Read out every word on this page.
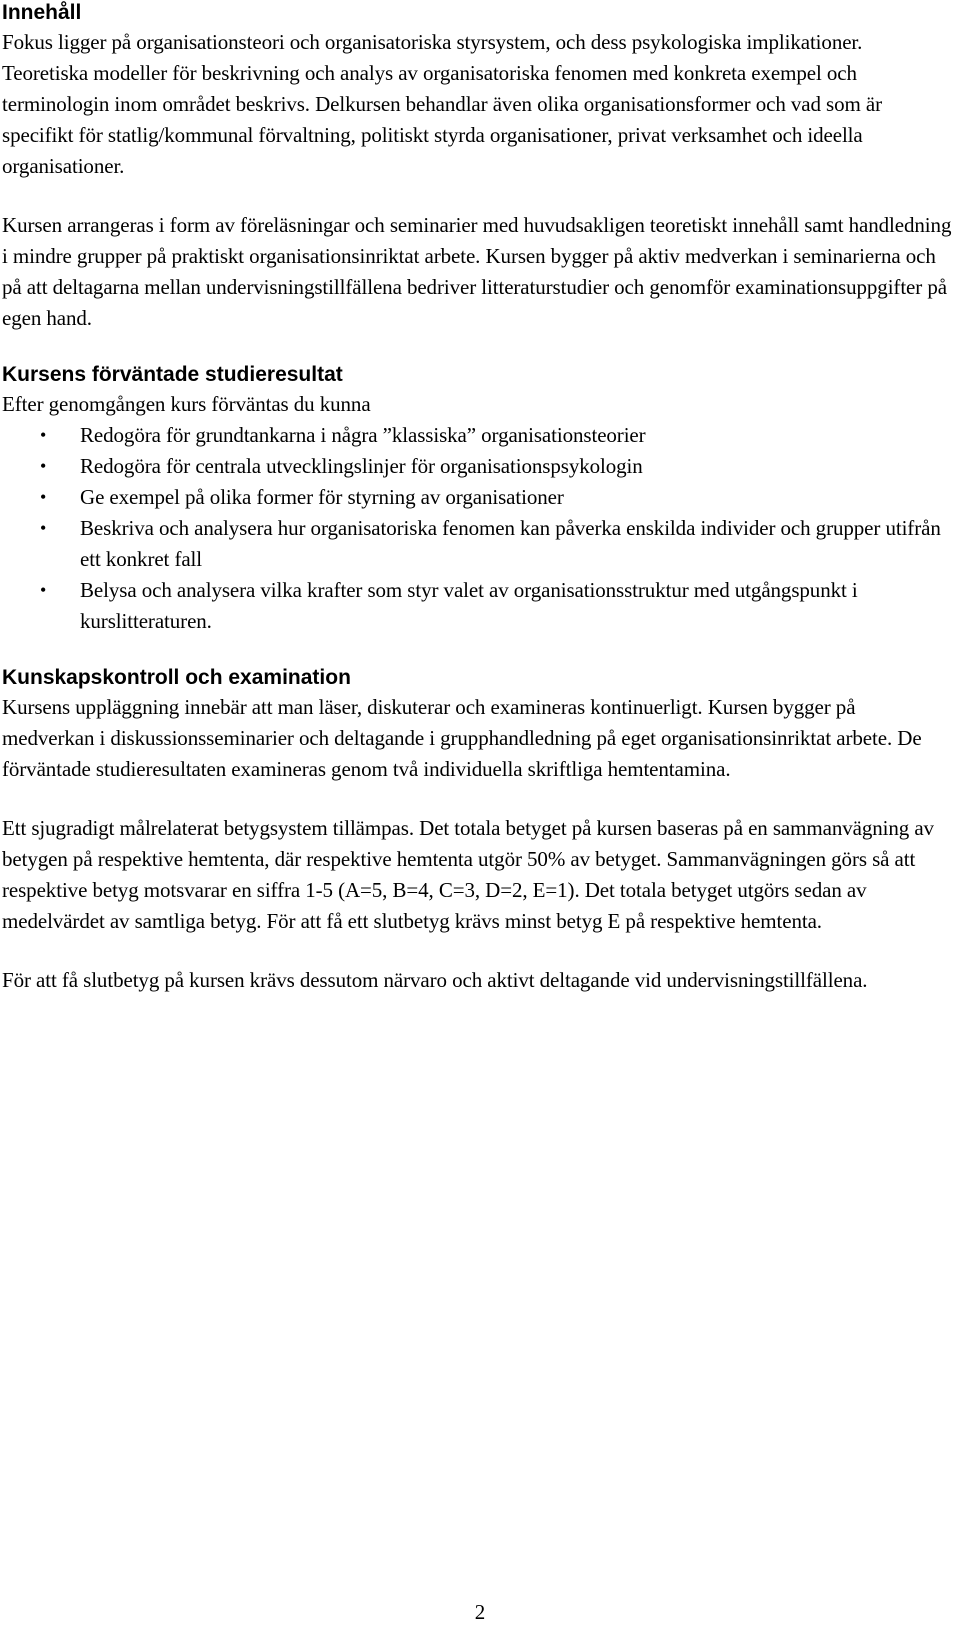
Innehåll

Fokus ligger på organisationsteori och organisatoriska styrsystem, och dess psykologiska implikationer. Teoretiska modeller för beskrivning och analys av organisatoriska fenomen med konkreta exempel och terminologin inom området beskrivs. Delkursen behandlar även olika organisationsformer och vad som är specifikt för statlig/kommunal förvaltning, politiskt styrda organisationer, privat verksamhet och ideella organisationer.

Kursen arrangeras i form av föreläsningar och seminarier med huvudsakligen teoretiskt innehåll samt handledning i mindre grupper på praktiskt organisationsinriktat arbete. Kursen bygger på aktiv medverkan i seminarierna och på att deltagarna mellan undervisningstillfällena bedriver litteraturstudier och genomför examinationsuppgifter på egen hand.

Kursens förväntade studieresultat

Efter genomgången kurs förväntas du kunna

• Redogöra för grundtankarna i några ”klassiska” organisationsteorier
• Redogöra för centrala utvecklingslinjer för organisationspsykologin
• Ge exempel på olika former för styrning av organisationer
• Beskriva och analysera hur organisatoriska fenomen kan påverka enskilda individer och grupper utifrån ett konkret fall
• Belysa och analysera vilka krafter som styr valet av organisationsstruktur med utgångspunkt i kurslitteraturen.
Kunskapskontroll och examination

Kursens uppläggning innebär att man läser, diskuterar och examineras kontinuerligt. Kursen bygger på medverkan i diskussionsseminarier och deltagande i grupphandledning på eget organisationsinriktat arbete. De förväntade studieresultaten examineras genom två individuella skriftliga hemtentamina.

Ett sjugradigt målrelaterat betygsystem tillämpas. Det totala betyget på kursen baseras på en sammanvägning av betygen på respektive hemtenta, där respektive hemtenta utgör 50% av betyget. Sammanvägningen görs så att respektive betyg motsvarar en siffra 1-5 (A=5, B=4, C=3, D=2, E=1). Det totala betyget utgörs sedan av medelvärdet av samtliga betyg. För att få ett slutbetyg krävs minst betyg E på respektive hemtenta.

För att få slutbetyg på kursen krävs dessutom närvaro och aktivt deltagande vid undervisningstillfällena.

2
